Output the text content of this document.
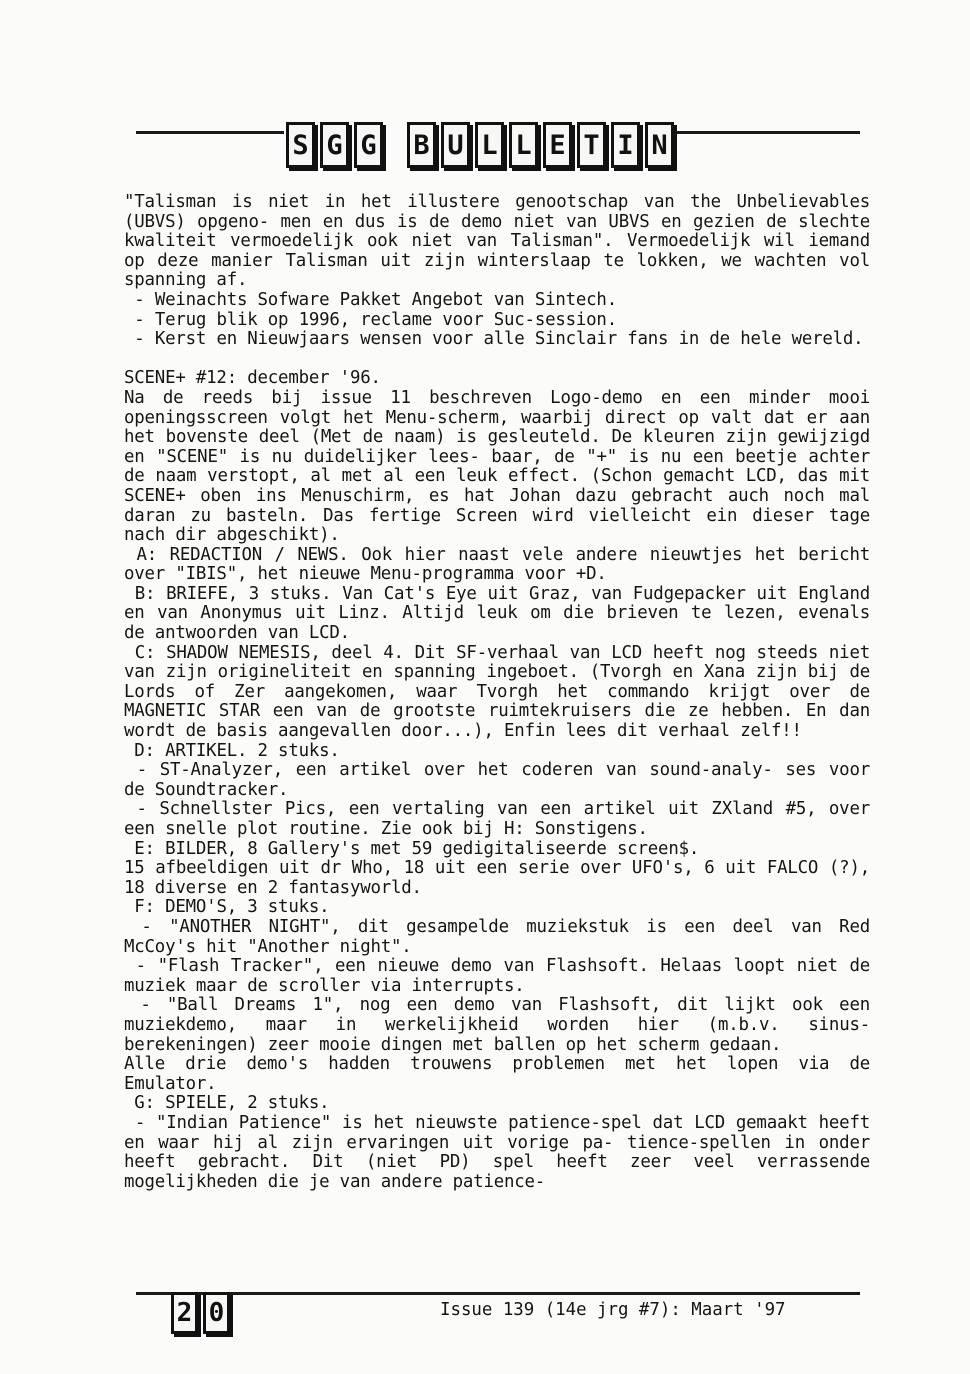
S G G B U L L E T I N

"Talisman is niet in het illustere genootschap van the Unbelievables (UBVS) opgeno- men en dus is de demo niet van UBVS en gezien de slechte kwaliteit vermoedelijk ook niet van Talisman". Vermoedelijk wil iemand op deze manier Talisman uit zijn winterslaap te lokken, we wachten vol spanning af.

- Weinachts Sofware Pakket Angebot van Sintech.

- Terug blik op 1996, reclame voor Suc-session.

- Kerst en Nieuwjaars wensen voor alle Sinclair fans in de hele wereld.

SCENE+ #12: december '96.

Na de reeds bij issue 11 beschreven Logo-demo en een minder mooi openingsscreen volgt het Menu-scherm, waarbij direct op valt dat er aan het bovenste deel (Met de naam) is gesleuteld. De kleuren zijn gewijzigd en "SCENE" is nu duidelijker lees- baar, de "+" is nu een beetje achter de naam verstopt, al met al een leuk effect. (Schon gemacht LCD, das mit SCENE+ oben ins Menuschirm, es hat Johan dazu gebracht auch noch mal daran zu basteln. Das fertige Screen wird vielleicht ein dieser tage nach dir abgeschikt).

A: REDACTION / NEWS. Ook hier naast vele andere nieuwtjes het bericht over "IBIS", het nieuwe Menu-programma voor +D.

B: BRIEFE, 3 stuks. Van Cat's Eye uit Graz, van Fudgepacker uit England en van Anonymus uit Linz. Altijd leuk om die brieven te lezen, evenals de antwoorden van LCD.

C: SHADOW NEMESIS, deel 4. Dit SF-verhaal van LCD heeft nog steeds niet van zijn origineliteit en spanning ingeboet. (Tvorgh en Xana zijn bij de Lords of Zer aangekomen, waar Tvorgh het commando krijgt over de MAGNETIC STAR een van de grootste ruimtekruisers die ze hebben. En dan wordt de basis aangevallen door...), Enfin lees dit verhaal zelf!!

D: ARTIKEL. 2 stuks.

- ST-Analyzer, een artikel over het coderen van sound-analy- ses voor de Soundtracker.

- Schnellster Pics, een vertaling van een artikel uit ZXland #5, over een snelle plot routine. Zie ook bij H: Sonstigens.

E: BILDER, 8 Gallery's met 59 gedigitaliseerde screen$.

15 afbeeldigen uit dr Who, 18 uit een serie over UFO's, 6 uit FALCO (?), 18 diverse en 2 fantasyworld.

F: DEMO'S, 3 stuks.

- "ANOTHER NIGHT", dit gesampelde muziekstuk is een deel van Red McCoy's hit "Another night".

- "Flash Tracker", een nieuwe demo van Flashsoft. Helaas loopt niet de muziek maar de scroller via interrupts.

- "Ball Dreams 1", nog een demo van Flashsoft, dit lijkt ook een muziekdemo, maar in werkelijkheid worden hier (m.b.v. sinus-berekeningen) zeer mooie dingen met ballen op het scherm gedaan.

Alle drie demo's hadden trouwens problemen met het lopen via de Emulator.

G: SPIELE, 2 stuks.

- "Indian Patience" is het nieuwste patience-spel dat LCD gemaakt heeft en waar hij al zijn ervaringen uit vorige pa- tience-spellen in onder heeft gebracht. Dit (niet PD) spel heeft zeer veel verrassende mogelijkheden die je van andere patience-

2 0	Issue 139 (14e jrg #7): Maart '97
